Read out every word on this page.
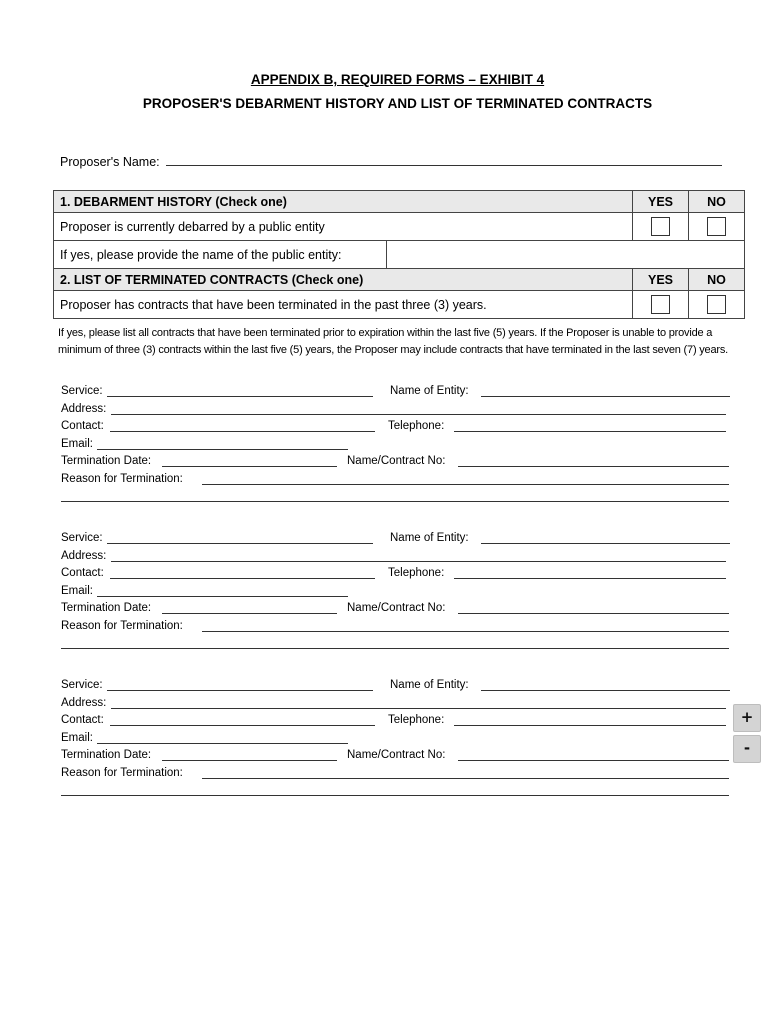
APPENDIX B, REQUIRED FORMS – EXHIBIT 4
PROPOSER'S DEBARMENT HISTORY AND LIST OF TERMINATED CONTRACTS
Proposer's Name:
1. DEBARMENT HISTORY (Check one)		YES	NO
Proposer is currently debarred by a public entity			
If yes, please provide the name of the public entity:			
2. LIST OF TERMINATED CONTRACTS (Check one)		YES	NO
Proposer has contracts that have been terminated in the past three (3) years.			
If yes, please list all contracts that have been terminated prior to expiration within the last five (5) years. If the Proposer is unable to provide a minimum of three (3) contracts within the last five (5) years, the Proposer may include contracts that have terminated in the last seven (7) years.
Service:	Name of Entity:
Address:
Contact:	Telephone:
Email:
Termination Date:	Name/Contract No:
Reason for Termination:
Service:	Name of Entity:
Address:
Contact:	Telephone:
Email:
Termination Date:	Name/Contract No:
Reason for Termination:
Service:	Name of Entity:
Address:
Contact:	Telephone:
Email:
Termination Date:	Name/Contract No:
Reason for Termination:
+
-
